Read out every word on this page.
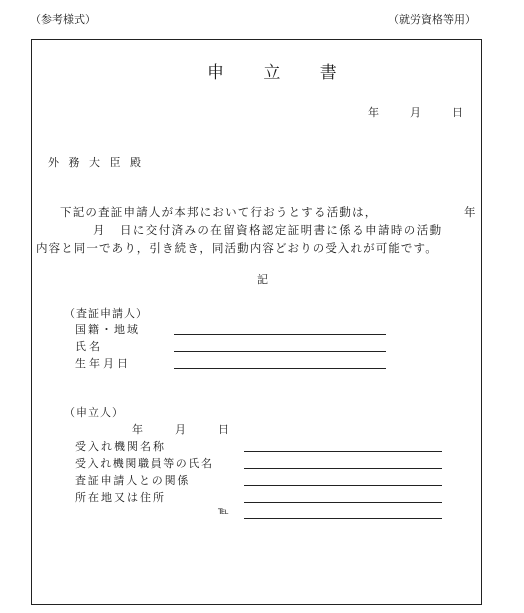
（参考様式）	（就労資格等用）
申 立 書
年	月	日
外 務 大 臣 殿
下記の査証申請人が本邦において行おうとする活動は，	年
月 日に交付済みの在留資格認定証明書に係る申請時の活動
内容と同一であり，引き続き，同活動内容どおりの受入れが可能です。
記
（査証申請人）
国籍・地域
氏名
生年月日
（申立人）
年	月	日
受入れ機関名称
受入れ機関職員等の氏名
査証申請人との関係
所在地又は住所
℡
